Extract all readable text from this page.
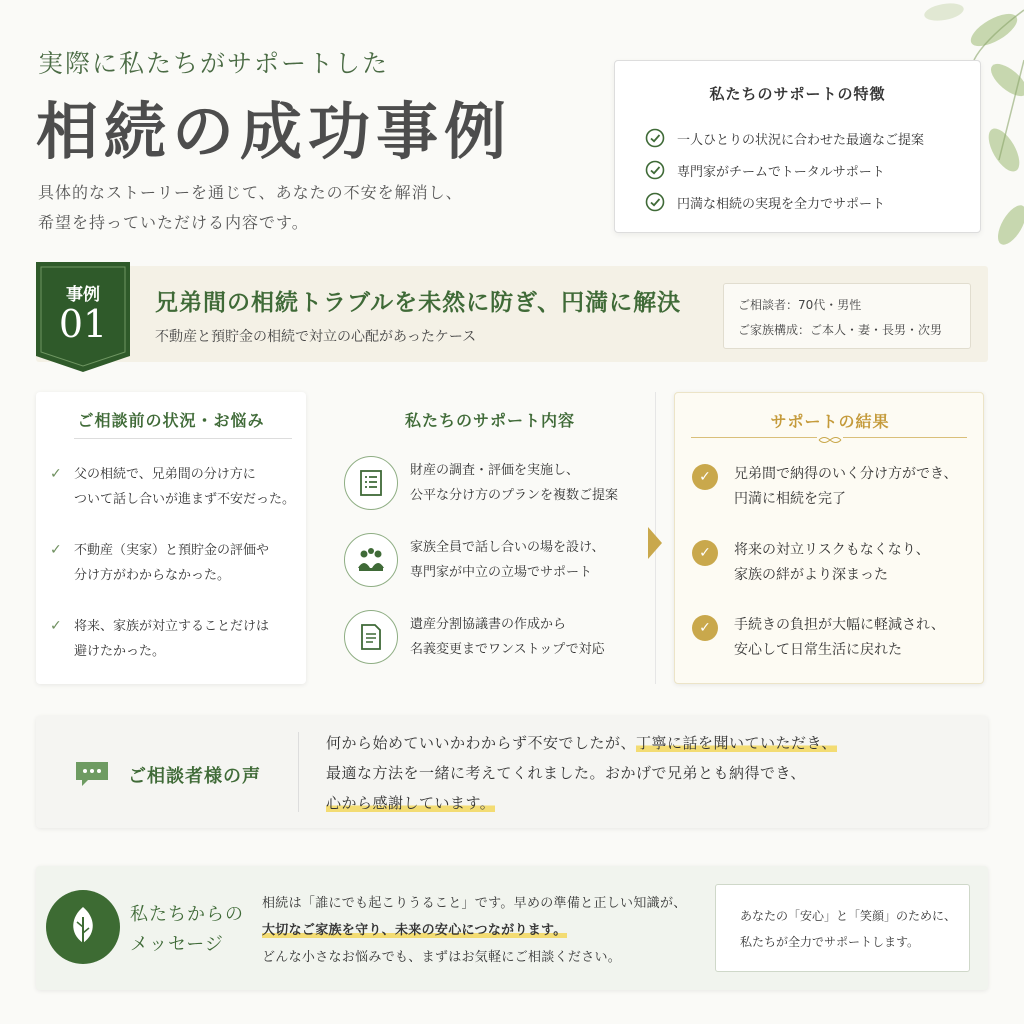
実際に私たちがサポートした
相続の成功事例
具体的なストーリーを通じて、あなたの不安を解消し、
希望を持っていただける内容です。
私たちのサポートの特徴
一人ひとりの状況に合わせた最適なご提案
専門家がチームでトータルサポート
円満な相続の実現を全力でサポート
事例
01	兄弟間の相続トラブルを未然に防ぎ、円満に解決
不動産と預貯金の相続で対立の心配があったケース
ご相談者：70代・男性
ご家族構成：ご本人・妻・長男・次男
ご相談前の状況・お悩み
✓ 父の相続で、兄弟間の分け方に
ついて話し合いが進まず不安だった。
✓ 不動産（実家）と預貯金の評価や
分け方がわからなかった。
✓ 将来、家族が対立することだけは
避けたかった。
私たちのサポート内容
財産の調査・評価を実施し、
公平な分け方のプランを複数ご提案
家族全員で話し合いの場を設け、
専門家が中立の立場でサポート
遺産分割協議書の作成から
名義変更までワンストップで対応
サポートの結果
✓	兄弟間で納得のいく分け方ができ、
円満に相続を完了
✓	将来の対立リスクもなくなり、
家族の絆がより深まった
✓	手続きの負担が大幅に軽減され、
安心して日常生活に戻れた
ご相談者様の声
何から始めていいかわからず不安でしたが、丁寧に話を聞いていただき、
最適な方法を一緒に考えてくれました。おかげで兄弟とも納得でき、
心から感謝しています。
私たちからの
メッセージ
相続は「誰にでも起こりうること」です。早めの準備と正しい知識が、
大切なご家族を守り、未来の安心につながります。
どんな小さなお悩みでも、まずはお気軽にご相談ください。
あなたの「安心」と「笑顔」のために、
私たちが全力でサポートします。
